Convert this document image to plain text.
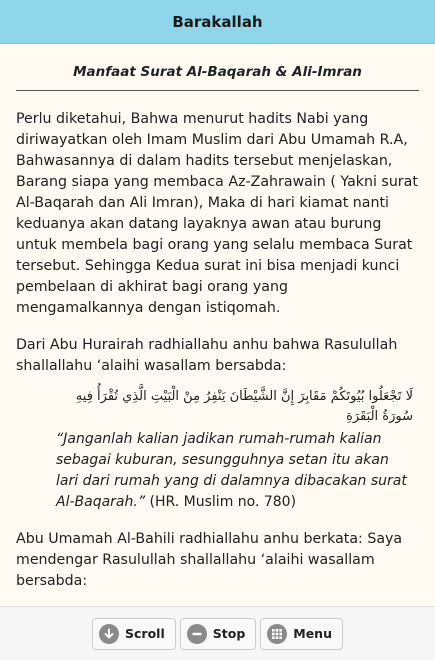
Barakallah
Manfaat Surat Al-Baqarah & Ali-Imran

Perlu diketahui, Bahwa menurut hadits Nabi yang diriwayatkan oleh Imam Muslim dari Abu Umamah R.A, Bahwasannya di dalam hadits tersebut menjelaskan, Barang siapa yang membaca Az-Zahrawain ( Yakni surat Al-Baqarah dan Ali Imran), Maka di hari kiamat nanti keduanya akan datang layaknya awan atau burung untuk membela bagi orang yang selalu membaca Surat tersebut. Sehingga Kedua surat ini bisa menjadi kunci pembelaan di akhirat bagi orang yang mengamalkannya dengan istiqomah.

Dari Abu Hurairah radhiallahu anhu bahwa Rasulullah shallallahu ‘alaihi wasallam bersabda:

لَا تَجْعَلُوا بُيُوتَكُمْ مَقَابِرَ إِنَّ الشَّيْطَانَ يَنْفِرُ مِنْ الْبَيْتِ الَّذِي تُقْرَأُ فِيهِ سُورَةُ الْبَقَرَةِ
“Janganlah kalian jadikan rumah-rumah kalian sebagai kuburan, sesungguhnya setan itu akan lari dari rumah yang di dalamnya dibacakan surat Al-Baqarah.” (HR. Muslim no. 780)

Abu Umamah Al-Bahili radhiallahu anhu berkata: Saya mendengar Rasulullah shallallahu ‘alaihi wasallam bersabda:

Scroll	Stop	Menu
